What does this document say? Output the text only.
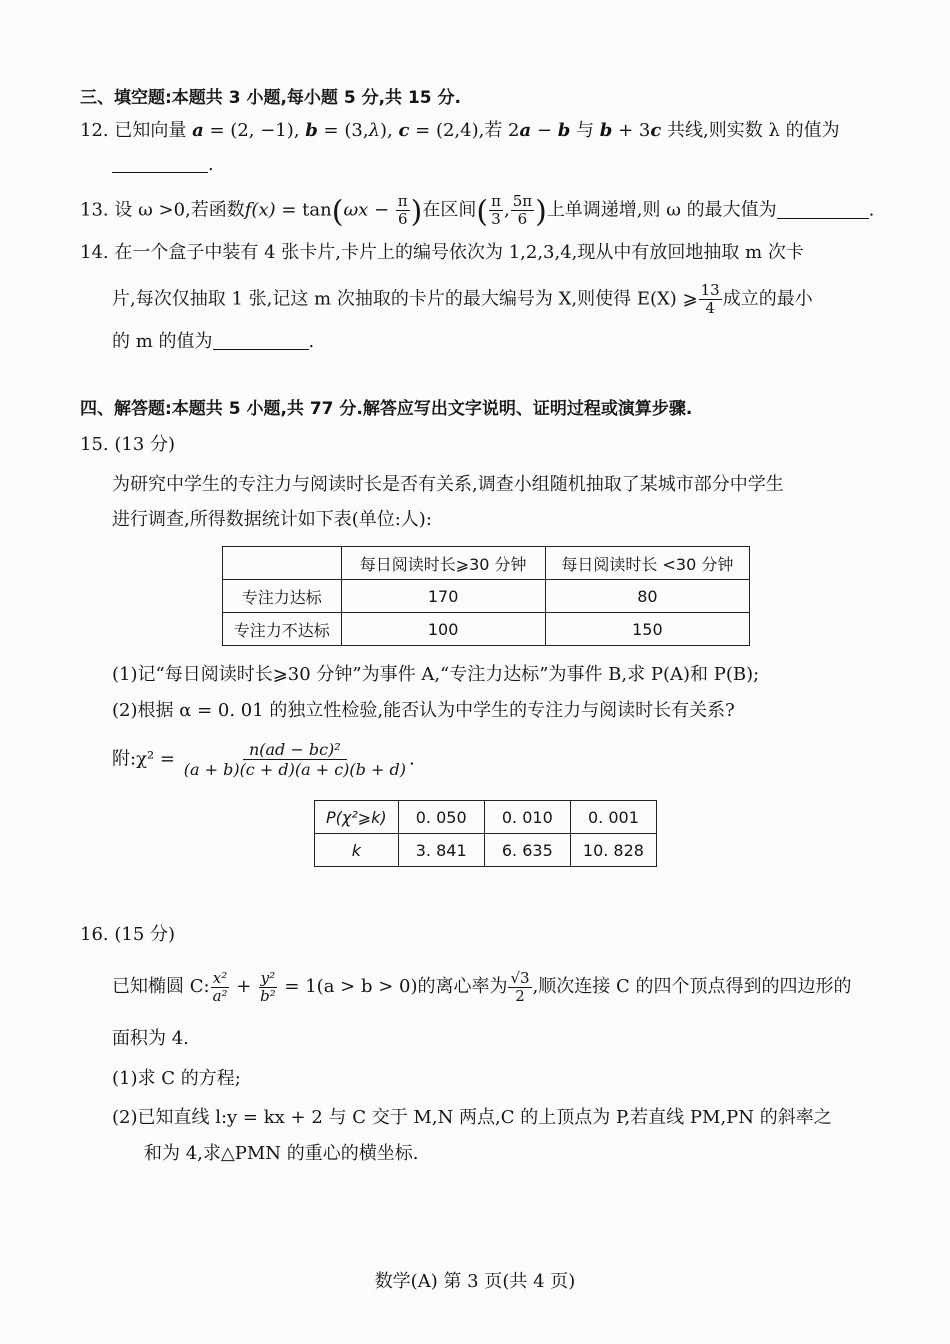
三、填空题:本题共 3 小题,每小题 5 分,共 15 分.
12. 已知向量 a = (2, −1), b = (3,λ), c = (2,4),若 2a − b 与 b + 3c 共线,则实数 λ 的值为
.
13. 设 ω >0,若函数$f(x) = \tan(\omega x - \frac{\pi}{6}$ )在区间( $\frac{\pi}{3}$ , $\frac{5\pi}{6}$ )上单调递增,则 ω 的最大值为	.
14. 在一个盒子中装有 4 张卡片,卡片上的编号依次为 1,2,3,4,现从中有放回地抽取 m 次卡
片,每次仅抽取 1 张,记这 m 次抽取的卡片的最大编号为 X,则使得 E(X) ⩾ $\frac{13}{4}$ 成立的最小
的 m 的值为	.
四、解答题:本题共 5 小题,共 77 分.解答应写出文字说明、证明过程或演算步骤.
15. (13 分)
为研究中学生的专注力与阅读时长是否有关系,调查小组随机抽取了某城市部分中学生
进行调查,所得数据统计如下表(单位:人):
	每日阅读时长⩾30 分钟	每日阅读时长 <30 分钟
专注力达标	170	80
专注力不达标	100	150
(1)记“每日阅读时长⩾30 分钟”为事件 A,“专注力达标”为事件 B,求 P(A)和 P(B);
(2)根据 α = 0. 01 的独立性检验,能否认为中学生的专注力与阅读时长有关系?
附:χ² = $\frac{\text{n(ad − bc)²}}{(a + b)(c + d)(a + c)(b + d)}$ .
P(χ²⩾k)	0. 050	0. 010	0. 001
k	3. 841	6. 635	10. 828
16. (15 分)
已知椭圆 C: $\frac{\text{x²}}{\text{a²}} + \frac{\text{y²}}{\text{b²}} = 1(a > b > 0)$的离心率为 $\frac{√3}{2}$ ,顺次连接 C 的四个顶点得到的四边形的
面积为 4.
(1)求 C 的方程;
(2)已知直线 l:y = kx + 2 与 C 交于 M,N 两点,C 的上顶点为 P,若直线 PM,PN 的斜率之
和为 4,求△PMN 的重心的横坐标.
数学(A) 第 3 页(共 4 页)
